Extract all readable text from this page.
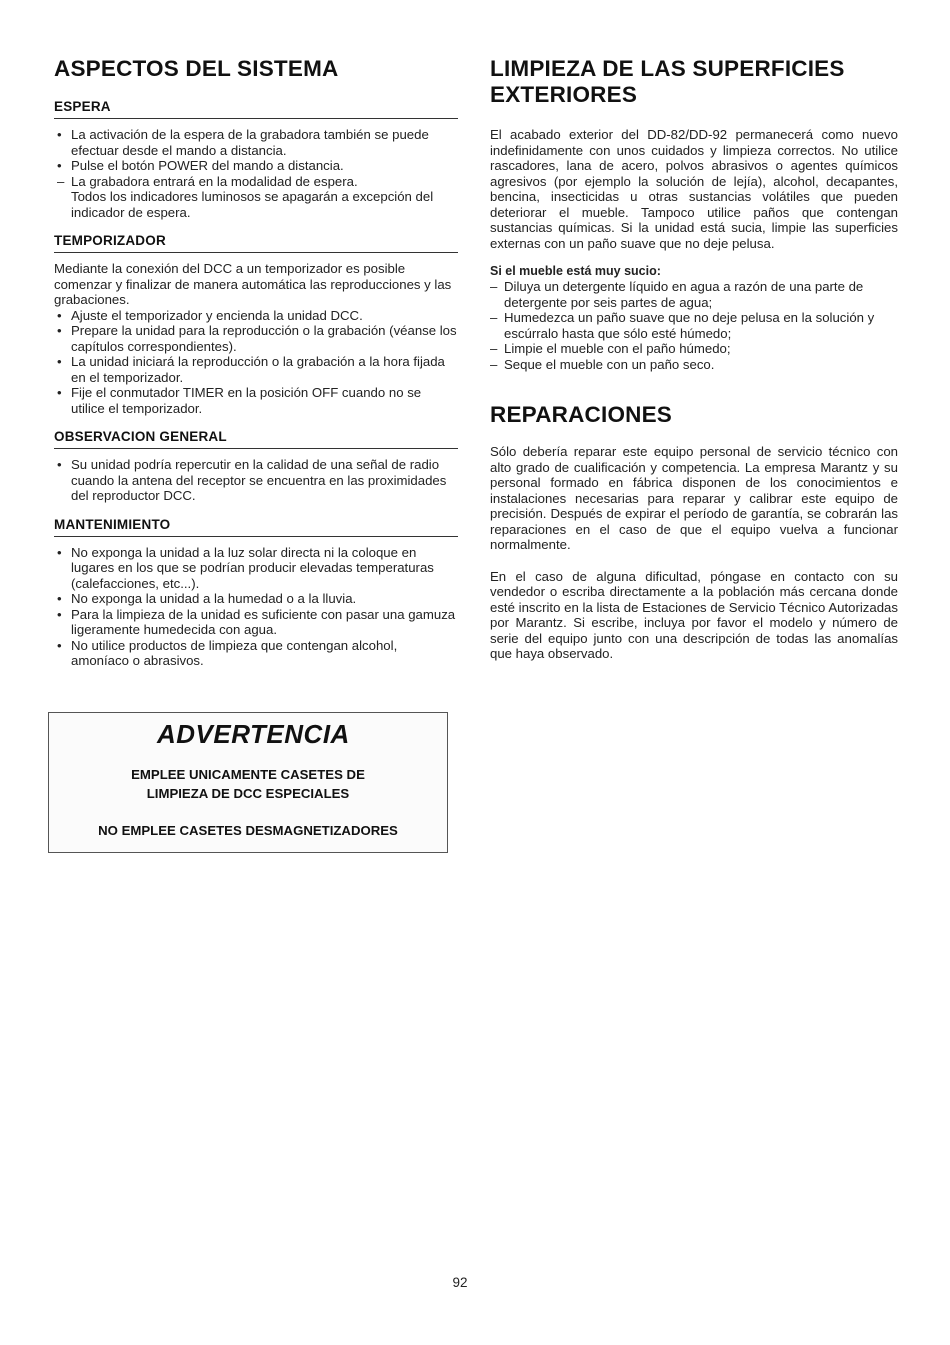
ASPECTOS DEL SISTEMA
ESPERA
• La activación de la espera de la grabadora también se puede efectuar desde el mando a distancia.
• Pulse el botón POWER del mando a distancia.
– La grabadora entrará en la modalidad de espera.
Todos los indicadores luminosos se apagarán a excepción del indicador de espera.
TEMPORIZADOR

Mediante la conexión del DCC a un temporizador es posible comenzar y finalizar de manera automática las reproducciones y las grabaciones.

• Ajuste el temporizador y encienda la unidad DCC.
• Prepare la unidad para la reproducción o la grabación (véanse los capítulos correspondientes).
• La unidad iniciará la reproducción o la grabación a la hora fijada en el temporizador.
• Fije el conmutador TIMER en la posición OFF cuando no se utilice el temporizador.
OBSERVACION GENERAL
• Su unidad podría repercutir en la calidad de una señal de radio cuando la antena del receptor se encuentra en las proximidades del reproductor DCC.
MANTENIMIENTO
• No exponga la unidad a la luz solar directa ni la coloque en lugares en los que se podrían producir elevadas temperaturas (calefacciones, etc...).
• No exponga la unidad a la humedad o a la lluvia.
• Para la limpieza de la unidad es suficiente con pasar una gamuza ligeramente humedecida con agua.
• No utilice productos de limpieza que contengan alcohol, amoníaco o abrasivos.
ADVERTENCIA
EMPLEE UNICAMENTE CASETES DE
LIMPIEZA DE DCC ESPECIALES
NO EMPLEE CASETES DESMAGNETIZADORES
LIMPIEZA DE LAS SUPERFICIES
EXTERIORES

El acabado exterior del DD-82/DD-92 permanecerá como nuevo indefinidamente con unos cuidados y limpieza correctos. No utilice rascadores, lana de acero, polvos abrasivos o agentes químicos agresivos (por ejemplo la solución de lejía), alcohol, decapantes, bencina, insecticidas u otras sustancias volátiles que pueden deteriorar el mueble. Tampoco utilice paños que contengan sustancias químicas. Si la unidad está sucia, limpie las superficies externas con un paño suave que no deje pelusa.

Si el mueble está muy sucio:
– Diluya un detergente líquido en agua a razón de una parte de detergente por seis partes de agua;
– Humedezca un paño suave que no deje pelusa en la solución y escúrralo hasta que sólo esté húmedo;
– Limpie el mueble con el paño húmedo;
– Seque el mueble con un paño seco.
REPARACIONES

Sólo debería reparar este equipo personal de servicio técnico con alto grado de cualificación y competencia. La empresa Marantz y su personal formado en fábrica disponen de los conocimientos e instalaciones necesarias para reparar y calibrar este equipo de precisión. Después de expirar el período de garantía, se cobrarán las reparaciones en el caso de que el equipo vuelva a funcionar normalmente.

En el caso de alguna dificultad, póngase en contacto con su vendedor o escriba directamente a la población más cercana donde esté inscrito en la lista de Estaciones de Servicio Técnico Autorizadas por Marantz. Si escribe, incluya por favor el modelo y número de serie del equipo junto con una descripción de todas las anomalías que haya observado.

92
